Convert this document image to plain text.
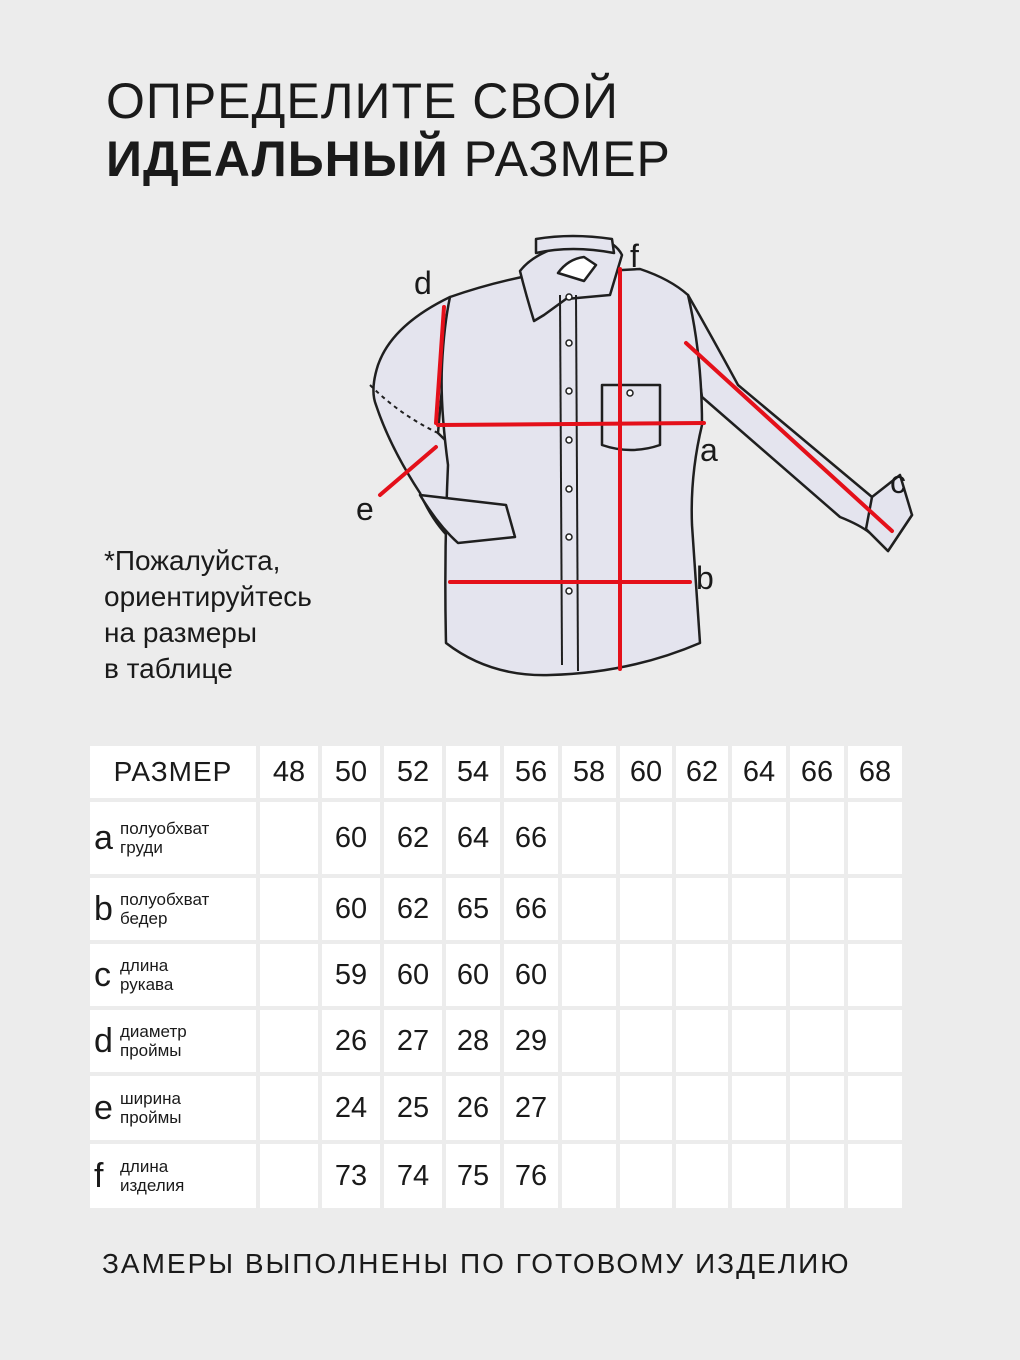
ОПРЕДЕЛИТЕ СВОЙ
ИДЕАЛЬНЫЙ РАЗМЕР
a
b
c
d
e
f
*Пожалуйста,
ориентируйтесь
на размеры
в таблице
РАЗМЕР	48	50	52	54	56	58	60	62	64	66	68
a полуобхват
груди		60	62	64	66						
b полуобхват
бедер		60	62	65	66						
c длина
рукава		59	60	60	60						
d диаметр
проймы		26	27	28	29						
e ширина
проймы		24	25	26	27						
f длина
изделия		73	74	75	76						
ЗАМЕРЫ ВЫПОЛНЕНЫ ПО ГОТОВОМУ ИЗДЕЛИЮ
